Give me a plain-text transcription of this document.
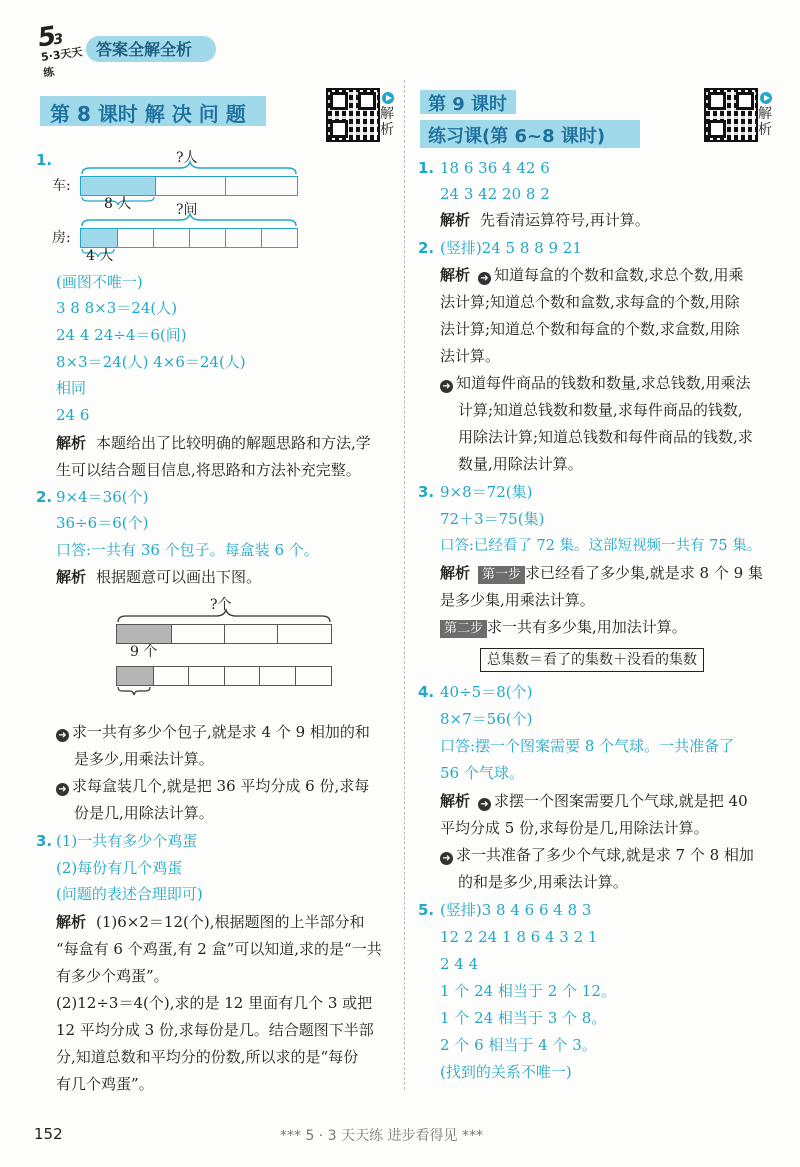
53
5·3天天练
答案全解全析
第 8 课时 解 决 问 题	解析
1.
车:
?人
8 人	?间
房:
4 人
(画图不唯一)
3 8 8×3＝24(人)
24 4 24÷4＝6(间)
8×3＝24(人) 4×6＝24(人)
相同
24 6
解析 本题给出了比较明确的解题思路和方法,学
生可以结合题目信息,将思路和方法补充完整。
2. 9×4＝36(个)
36÷6＝6(个)
口答:一共有 36 个包子。每盒装 6 个。
解析 根据题意可以画出下图。
?个
9 个
➜ 求一共有多少个包子,就是求 4 个 9 相加的和
是多少,用乘法计算。
➜ 求每盒装几个,就是把 36 平均分成 6 份,求每
份是几,用除法计算。
3. (1)一共有多少个鸡蛋
(2)每份有几个鸡蛋
(问题的表述合理即可)
解析 (1)6×2＝12(个),根据题图的上半部分和
“每盒有 6 个鸡蛋,有 2 盒”可以知道,求的是“一共
有多少个鸡蛋”。
(2)12÷3＝4(个),求的是 12 里面有几个 3 或把
12 平均分成 3 份,求每份是几。结合题图下半部
分,知道总数和平均分的份数,所以求的是“每份
有几个鸡蛋”。
第 9 课时
练习课(第 6~8 课时)
解析
1. 18 6 36 4 42 6
24 3 42 20 8 2
解析 先看清运算符号,再计算。
2. (竖排)24 5 8 8 9 21
解析 ➜ 知道每盒的个数和盒数,求总个数,用乘
法计算;知道总个数和盒数,求每盒的个数,用除
法计算;知道总个数和每盒的个数,求盒数,用除
法计算。
➜ 知道每件商品的钱数和数量,求总钱数,用乘法
计算;知道总钱数和数量,求每件商品的钱数,
用除法计算;知道总钱数和每件商品的钱数,求
数量,用除法计算。
3. 9×8＝72(集)
72＋3＝75(集)
口答:已经看了 72 集。这部短视频一共有 75 集。
解析 第一步 求已经看了多少集,就是求 8 个 9 集
是多少集,用乘法计算。
第二步 求一共有多少集,用加法计算。
总集数＝看了的集数＋没看的集数
4. 40÷5＝8(个)
8×7＝56(个)
口答:摆一个图案需要 8 个气球。一共准备了
56 个气球。
解析 ➜ 求摆一个图案需要几个气球,就是把 40
平均分成 5 份,求每份是几,用除法计算。
➜ 求一共准备了多少个气球,就是求 7 个 8 相加
的和是多少,用乘法计算。
5. (竖排)3 8 4 6 6 4 8 3
12 2 24 1 8 6 4 3 2 1
2 4 4
1 个 24 相当于 2 个 12。
1 个 24 相当于 3 个 8。
2 个 6 相当于 4 个 3。
(找到的关系不唯一)
152	*** 5 · 3 天天练 进步看得见 ***
